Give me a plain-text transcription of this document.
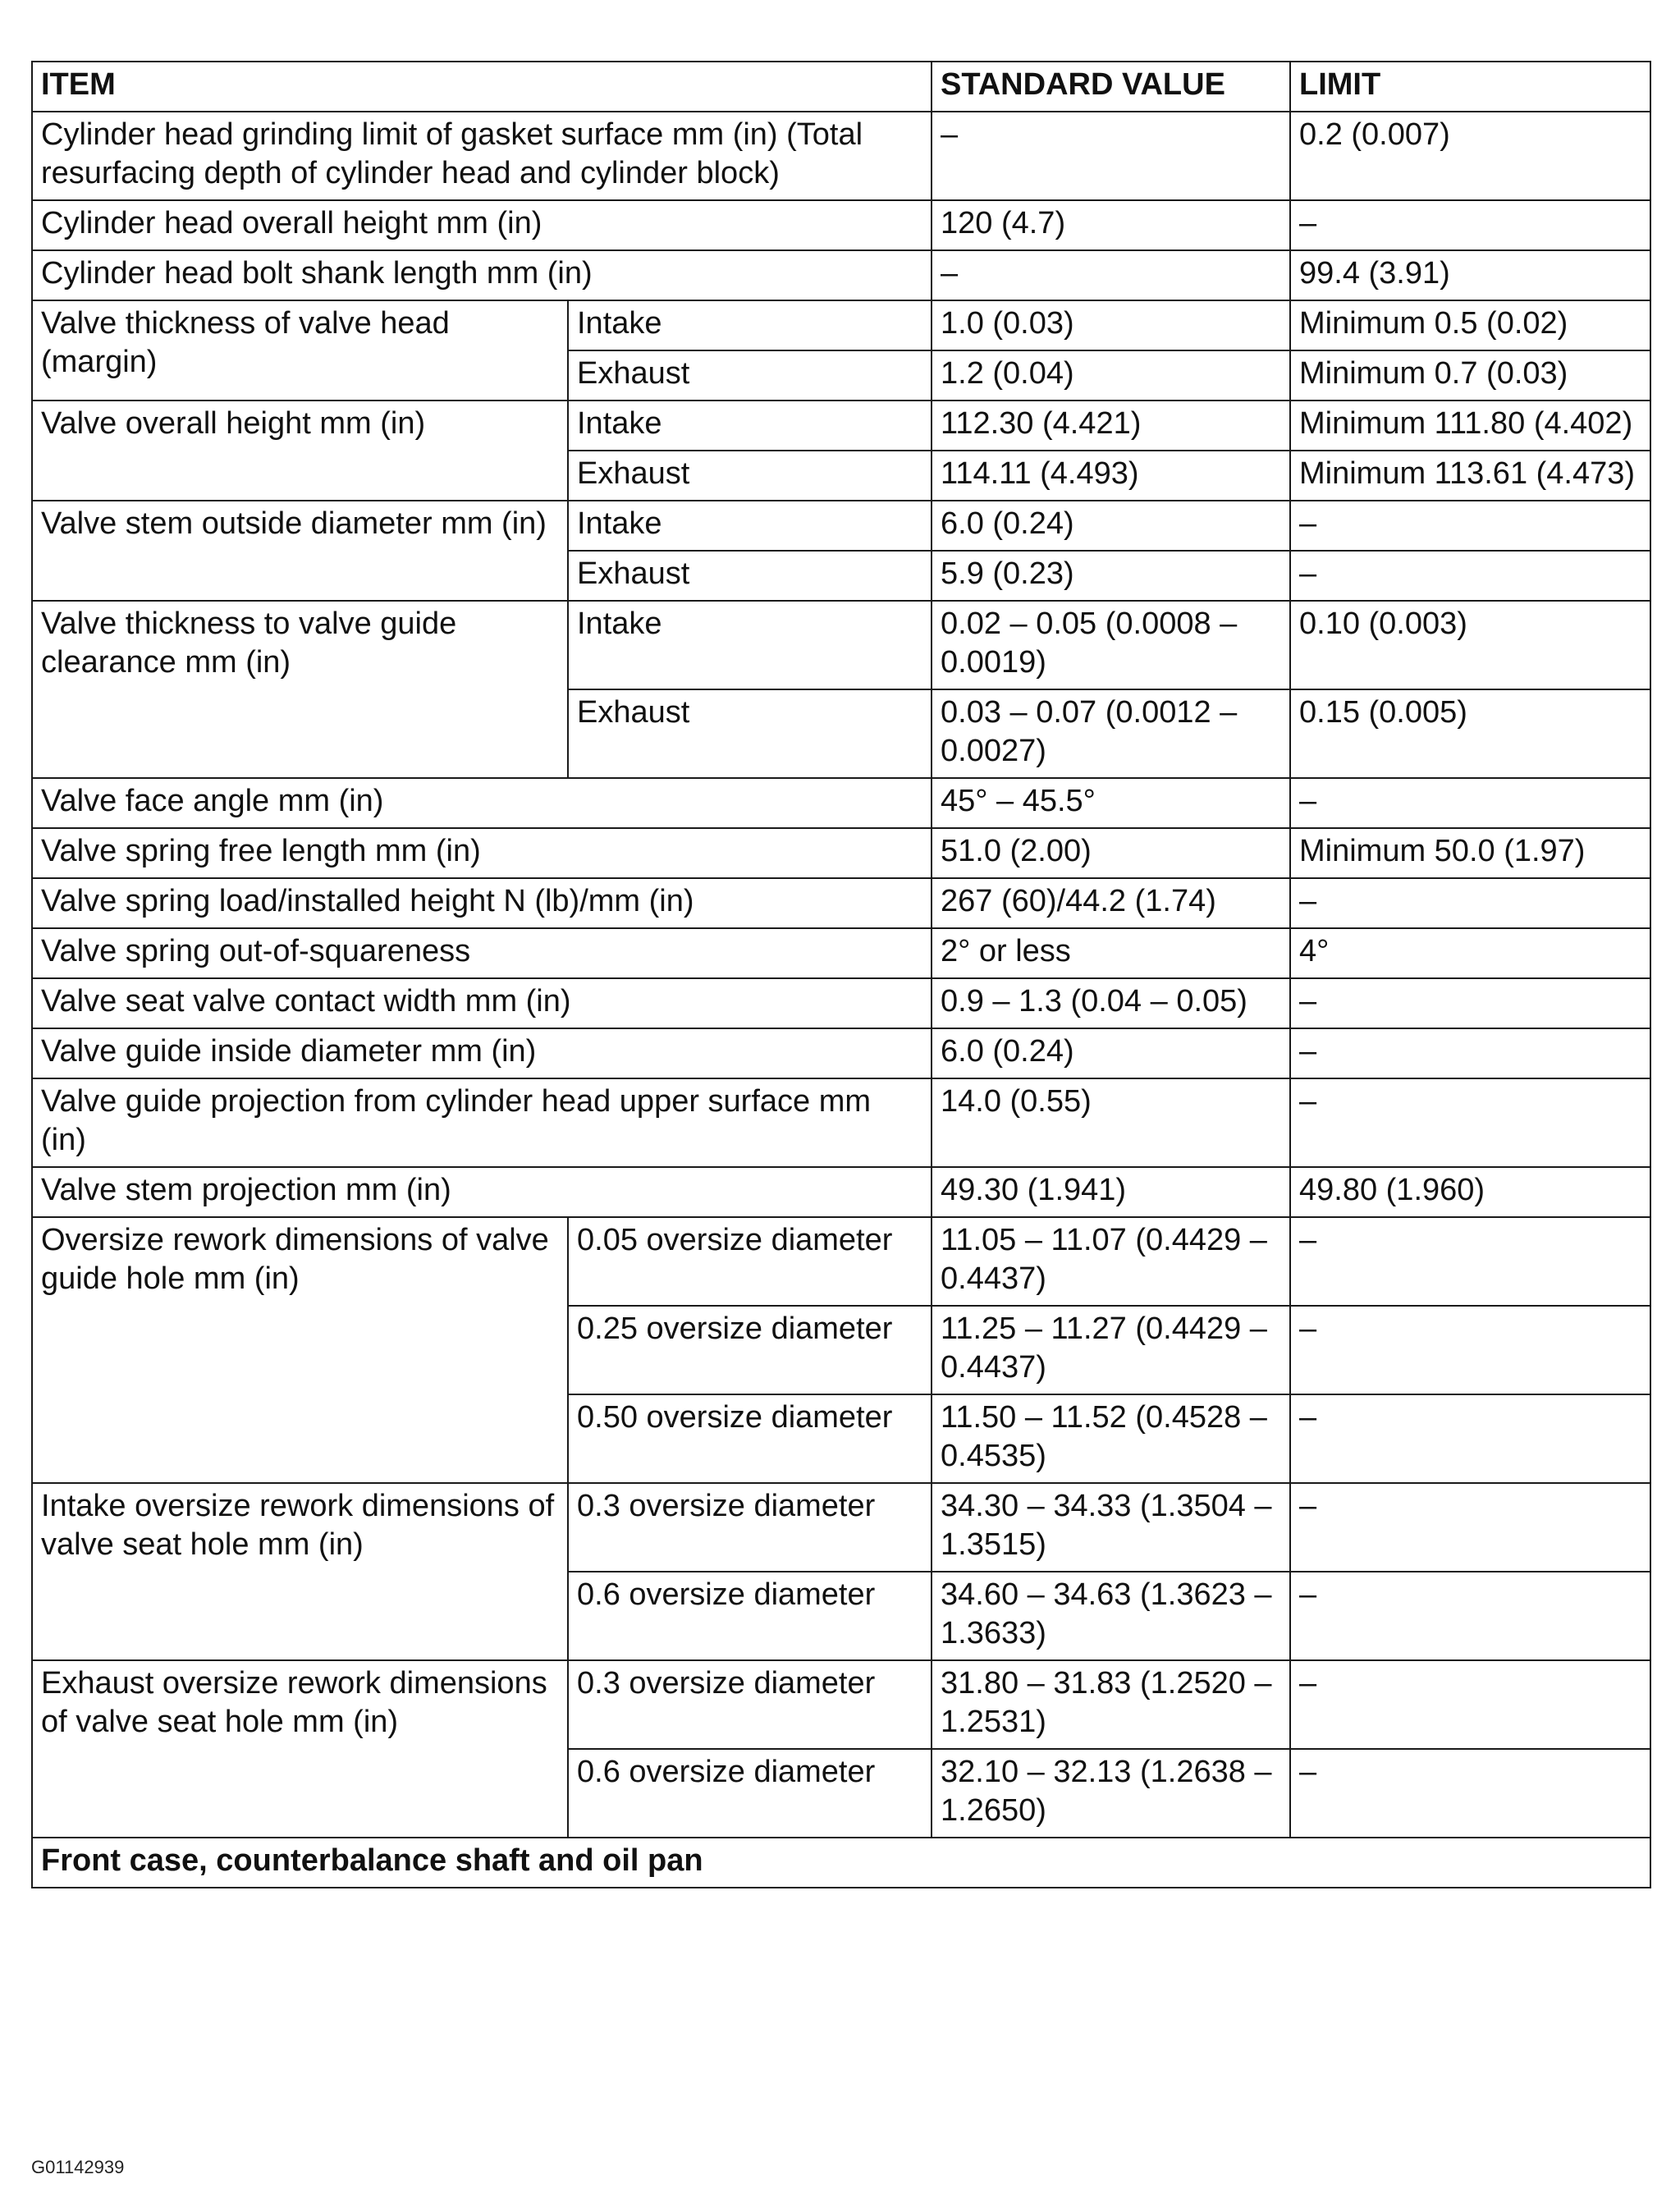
ITEM		STANDARD VALUE	LIMIT
Cylinder head grinding limit of gasket surface mm (in) (Total resurfacing depth of cylinder head and cylinder block)		–	0.2 (0.007)
Cylinder head overall height mm (in)		120 (4.7)	–
Cylinder head bolt shank length mm (in)		–	99.4 (3.91)
Valve thickness of valve head (margin)	Intake	1.0 (0.03)	Minimum 0.5 (0.02)
	Exhaust	1.2 (0.04)	Minimum 0.7 (0.03)
Valve overall height mm (in)	Intake	112.30 (4.421)	Minimum 111.80 (4.402)
	Exhaust	114.11 (4.493)	Minimum 113.61 (4.473)
Valve stem outside diameter mm (in)	Intake	6.0 (0.24)	–
	Exhaust	5.9 (0.23)	–
Valve thickness to valve guide clearance mm (in)	Intake	0.02 – 0.05 (0.0008 – 0.0019)	0.10 (0.003)
	Exhaust	0.03 – 0.07 (0.0012 – 0.0027)	0.15 (0.005)
Valve face angle mm (in)		45° – 45.5°	–
Valve spring free length mm (in)		51.0 (2.00)	Minimum 50.0 (1.97)
Valve spring load/installed height N (lb)/mm (in)		267 (60)/44.2 (1.74)	–
Valve spring out-of-squareness		2° or less	4°
Valve seat valve contact width mm (in)		0.9 – 1.3 (0.04 – 0.05)	–
Valve guide inside diameter mm (in)		6.0 (0.24)	–
Valve guide projection from cylinder head upper surface mm (in)		14.0 (0.55)	–
Valve stem projection mm (in)		49.30 (1.941)	49.80 (1.960)
Oversize rework dimensions of valve guide hole mm (in)	0.05 oversize diameter	11.05 – 11.07 (0.4429 – 0.4437)	–
	0.25 oversize diameter	11.25 – 11.27 (0.4429 – 0.4437)	–
	0.50 oversize diameter	11.50 – 11.52 (0.4528 – 0.4535)	–
Intake oversize rework dimensions of valve seat hole mm (in)	0.3 oversize diameter	34.30 – 34.33 (1.3504 – 1.3515)	–
	0.6 oversize diameter	34.60 – 34.63 (1.3623 – 1.3633)	–
Exhaust oversize rework dimensions of valve seat hole mm (in)	0.3 oversize diameter	31.80 – 31.83 (1.2520 – 1.2531)	–
	0.6 oversize diameter	32.10 – 32.13 (1.2638 – 1.2650)	–
Front case, counterbalance shaft and oil pan			
G01142939
